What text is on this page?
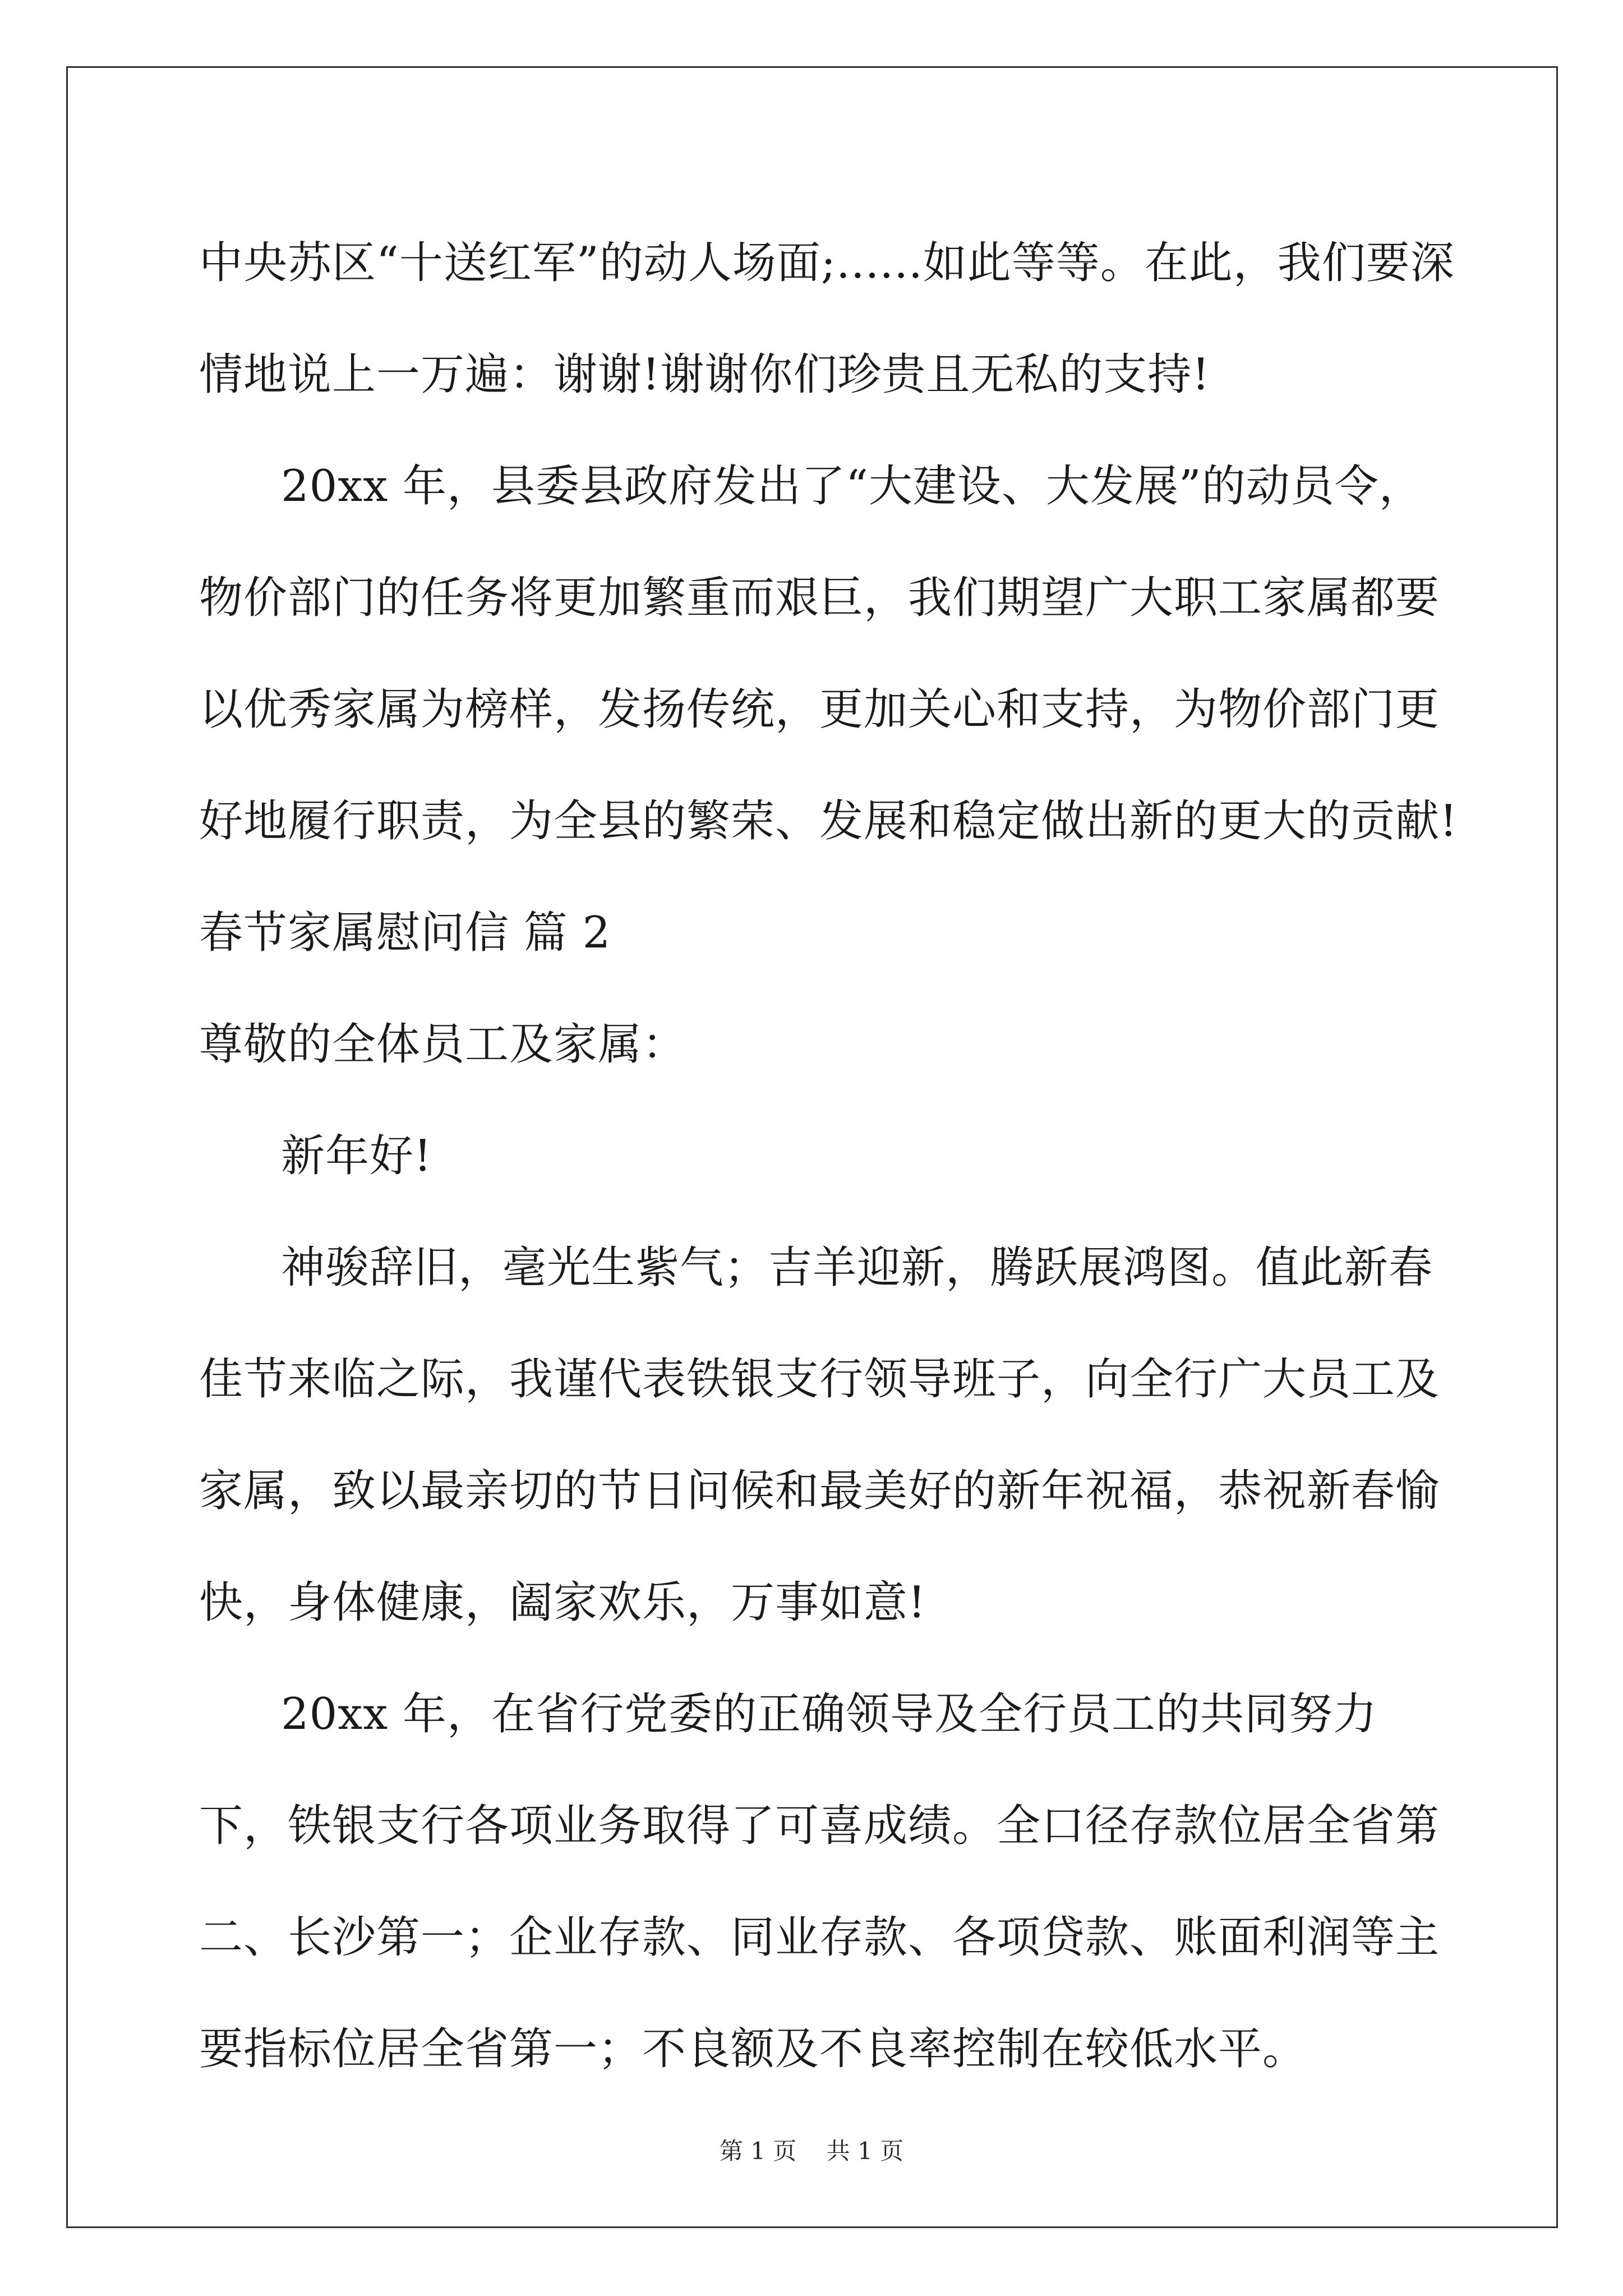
中央苏区“十送红军”的动人场面;......如此等等。在此，我们要深情地说上一万遍：谢谢!谢谢你们珍贵且无私的支持!

20xx 年，县委县政府发出了“大建设、大发展”的动员令，物价部门的任务将更加繁重而艰巨，我们期望广大职工家属都要以优秀家属为榜样，发扬传统，更加关心和支持，为物价部门更好地履行职责，为全县的繁荣、发展和稳定做出新的更大的贡献!

春节家属慰问信 篇 2

尊敬的全体员工及家属：

新年好!

神骏辞旧，毫光生紫气；吉羊迎新，腾跃展鸿图。值此新春佳节来临之际，我谨代表铁银支行领导班子，向全行广大员工及家属，致以最亲切的节日问候和最美好的新年祝福，恭祝新春愉快，身体健康，阖家欢乐，万事如意!

20xx 年，在省行党委的正确领导及全行员工的共同努力下，铁银支行各项业务取得了可喜成绩。全口径存款位居全省第二、长沙第一；企业存款、同业存款、各项贷款、账面利润等主要指标位居全省第一；不良额及不良率控制在较低水平。

第 1 页 共 1 页
